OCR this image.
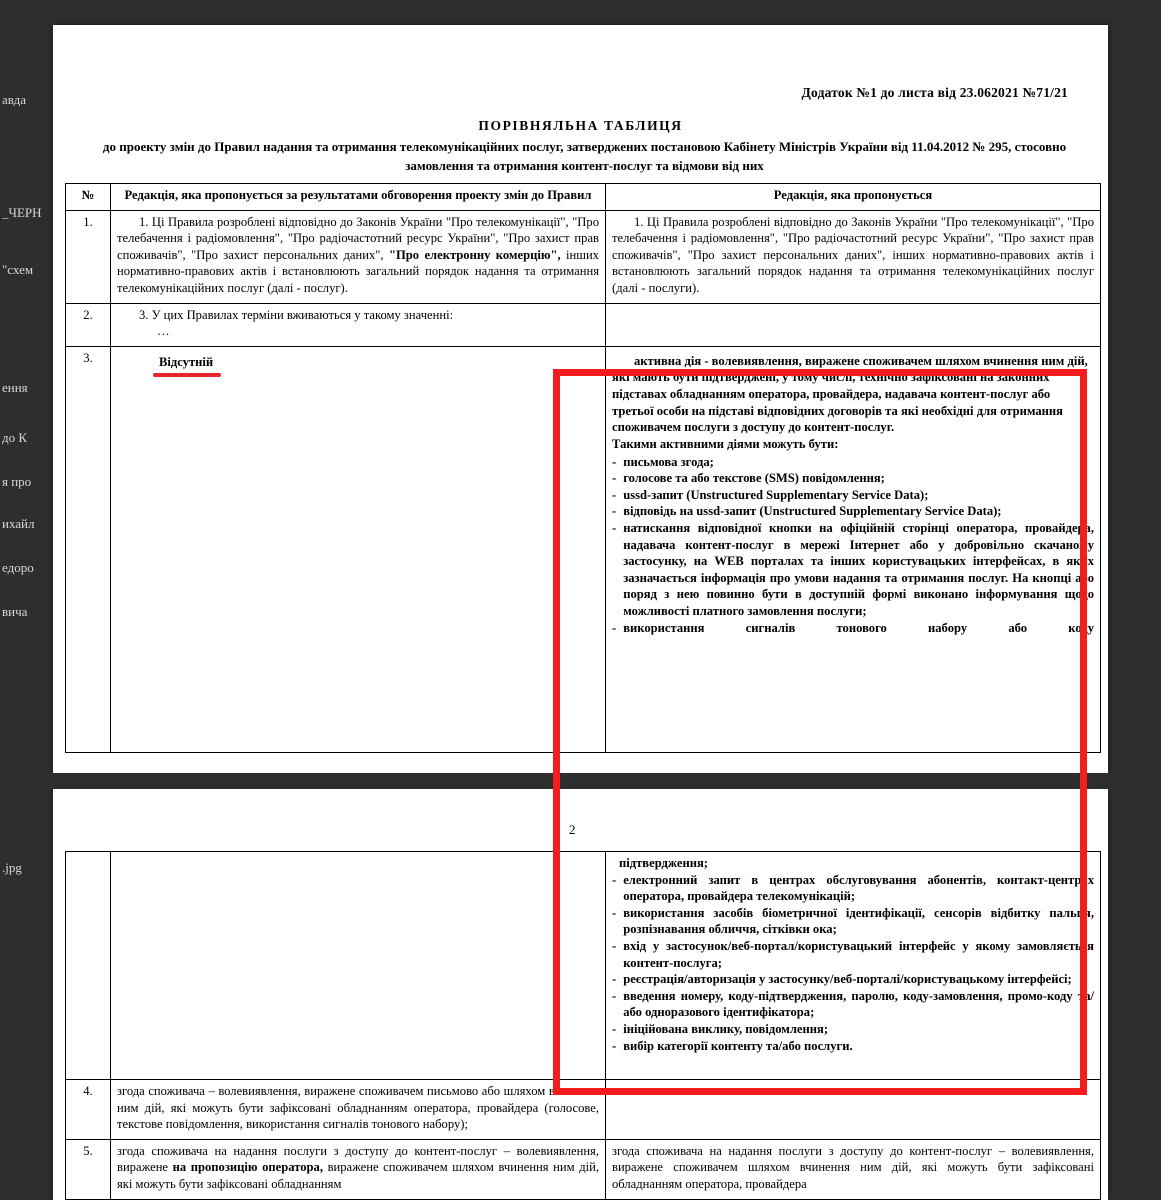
авда
_ЧЕРН
"схем
ення
до К
я про
ихайл
едоро
вича
.jpg
Додаток №1 до листа від 23.062021 №71/21
ПОРІВНЯЛЬНА ТАБЛИЦЯ
до проекту змін до Правил надання та отримання телекомунікаційних послуг, затверджених постановою Кабінету Міністрів України від 11.04.2012 № 295, стосовно замовлення та отримання контент-послуг та відмови від них
№	Редакція, яка пропонується за результатами обговорення проекту змін до Правил	Редакція, яка пропонується
1.	1. Ці Правила розроблені відповідно до Законів України "Про телекомунікації", "Про телебачення і радіомовлення", "Про радіочастотний ресурс України", "Про захист прав споживачів", "Про захист персональних даних", "Про електронну комерцію", інших нормативно-правових актів і встановлюють загальний порядок надання та отримання телекомунікаційних послуг (далі - послуг).	1. Ці Правила розроблені відповідно до Законів України "Про телекомунікації", "Про телебачення і радіомовлення", "Про радіочастотний ресурс України", "Про захист прав споживачів", "Про захист персональних даних", інших нормативно-правових актів і встановлюють загальний порядок надання та отримання телекомунікаційних послуг (далі - послуги).
2.	3. У цих Правилах терміни вживаються у такому значенні:
…	

3.	Відсутній	активна дія - волевиявлення, виражене споживачем шляхом вчинення ним дій, які мають бути підтверджені, у тому числі, технічно зафіксовані на законних підставах обладнанням оператора, провайдера, надавача контент-послуг або третьої особи на підставі відповідних договорів та які необхідні для отримання споживачем послуги з доступу до контент-послуг.
Такими активними діями можуть бути:
- письмова згода;
- голосове та або текстове (SMS) повідомлення;
- ussd-запит (Unstructured Supplementary Service Data);
- відповідь на ussd-запит (Unstructured Supplementary Service Data);
- натискання відповідної кнопки на офіційній сторінці оператора, провайдера, надавача контент-послуг в мережі Інтернет або у добровільно скачаному застосунку, на WEB порталах та інших користувацьких інтерфейсах, в яких зазначається інформація про умови надання та отримання послуг. На кнопці або поряд з нею повинно бути в доступній формі виконано інформування щодо можливості платного замовлення послуги;
- використання сигналів тонового набору або коду
2

підтвердження;
- електронний запит в центрах обслуговування абонентів, контакт-центрах оператора, провайдера телекомунікацій;
- використання засобів біометричної ідентифікації, сенсорів відбитку пальця, розпізнавання обличчя, сітківки ока;
- вхід у застосунок/веб-портал/користувацький інтерфейс у якому замовляється контент-послуга;
- реєстрація/авторизація у застосунку/веб-порталі/користувацькому інтерфейсі;
- введення номеру, коду-підтвердження, паролю, коду-замовлення, промо-коду та/або одноразового ідентифікатора;
- ініційована виклику, повідомлення;
- вибір категорії контенту та/або послуги.

4.	згода споживача – волевиявлення, виражене споживачем письмово або шляхом вчинення ним дій, які можуть бути зафіксовані обладнанням оператора, провайдера (голосове, текстове повідомлення, використання сигналів тонового набору);	
5.	згода споживача на надання послуги з доступу до контент-послуг – волевиявлення, виражене на пропозицію оператора, виражене споживачем шляхом вчинення ним дій, які можуть бути зафіксовані обладнанням	згода споживача на надання послуги з доступу до контент-послуг – волевиявлення, виражене споживачем шляхом вчинення ним дій, які можуть бути зафіксовані обладнанням оператора, провайдера
